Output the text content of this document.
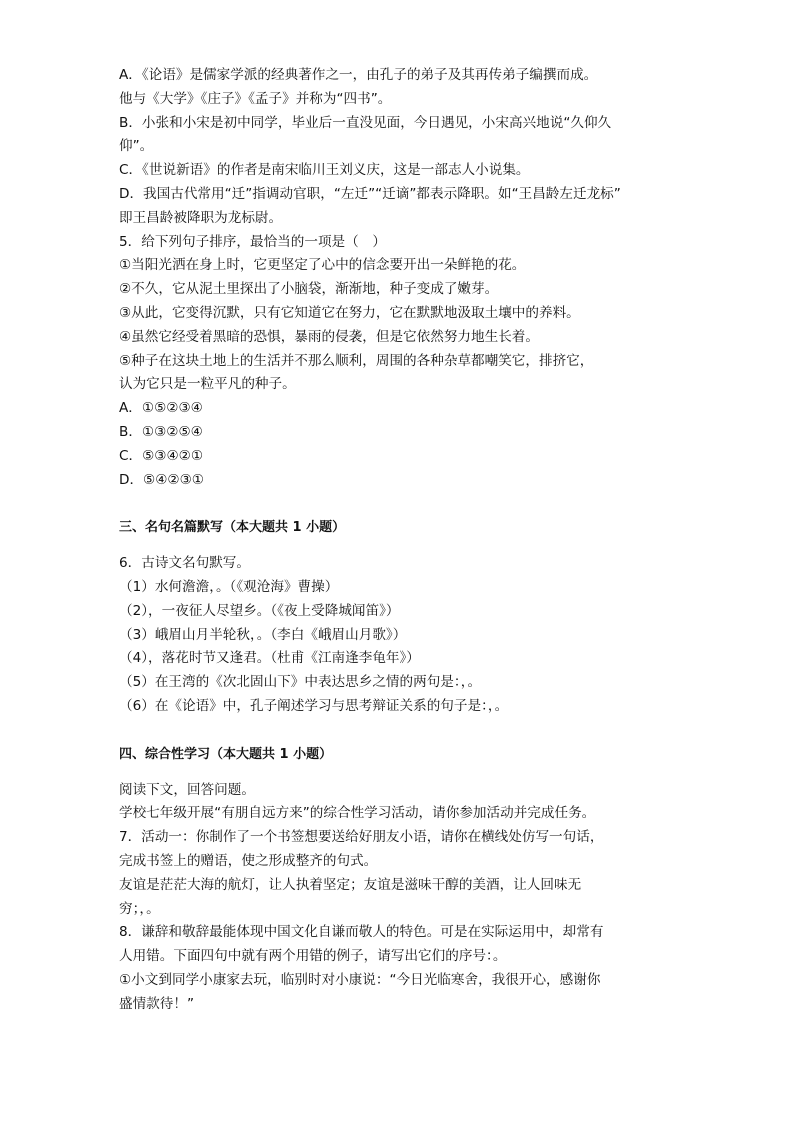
A．《论语》是儒家学派的经典著作之一，由孔子的弟子及其再传弟子编撰而成。
他与《大学》《庄子》《孟子》并称为“四书”。
B．小张和小宋是初中同学，毕业后一直没见面，今日遇见，小宋高兴地说“久仰久
仰”。
C．《世说新语》的作者是南宋临川王刘义庆，这是一部志人小说集。
D．我国古代常用“迁”指调动官职，“左迁”“迁谪”都表示降职。如“王昌龄左迁龙标”
即王昌龄被降职为龙标尉。
5．给下列句子排序，最恰当的一项是（　）
①当阳光洒在身上时，它更坚定了心中的信念要开出一朵鲜艳的花。
②不久，它从泥土里探出了小脑袋，渐渐地，种子变成了嫩芽。
③从此，它变得沉默，只有它知道它在努力，它在默默地汲取土壤中的养料。
④虽然它经受着黑暗的恐惧，暴雨的侵袭，但是它依然努力地生长着。
⑤种子在这块土地上的生活并不那么顺利，周围的各种杂草都嘲笑它，排挤它，
认为它只是一粒平凡的种子。
A．①⑤②③④
B．①③②⑤④
C．⑤③④②①
D．⑤④②③①
三、名句名篇默写（本大题共 1 小题）
6．古诗文名句默写。
（1）水何澹澹，。（《观沧海》曹操）
（2），一夜征人尽望乡。（《夜上受降城闻笛》）
（3）峨眉山月半轮秋，。（李白《峨眉山月歌》）
（4），落花时节又逢君。（杜甫《江南逢李龟年》）
（5）在王湾的《次北固山下》中表达思乡之情的两句是：，。
（6）在《论语》中，孔子阐述学习与思考辩证关系的句子是：，。
四、综合性学习（本大题共 1 小题）
阅读下文，回答问题。
学校七年级开展“有朋自远方来”的综合性学习活动，请你参加活动并完成任务。
7．活动一：你制作了一个书签想要送给好朋友小语，请你在横线处仿写一句话，
完成书签上的赠语，使之形成整齐的句式。
友谊是茫茫大海的航灯，让人执着坚定；友谊是滋味干醇的美酒，让人回味无
穷；，。
8．谦辞和敬辞最能体现中国文化自谦而敬人的特色。可是在实际运用中，却常有
人用错。下面四句中就有两个用错的例子，请写出它们的序号：。
①小文到同学小康家去玩，临别时对小康说：“今日光临寒舍，我很开心，感谢你
盛情款待！”
